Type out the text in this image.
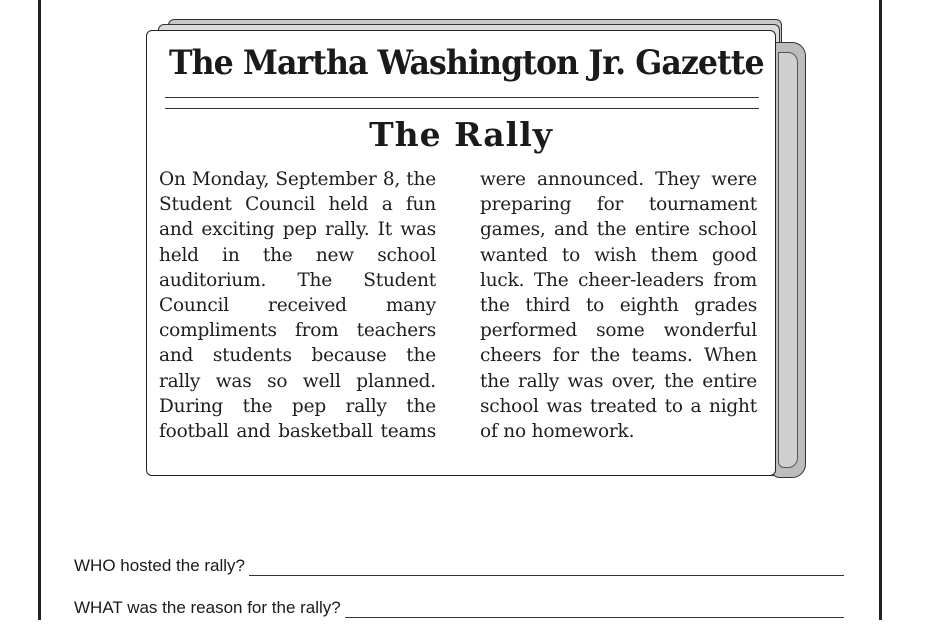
The Martha Washington Jr. Gazette
The Rally
On Monday, September 8, the Student Council held a fun and exciting pep rally. It was held in the new school auditorium. The Student Council received many compliments from teachers and students because the rally was so well planned. During the pep rally the football and basketball teams were announced. They were preparing for tournament games, and the entire school wanted to wish them good luck. The cheer-leaders from the third to eighth grades performed some wonderful cheers for the teams. When the rally was over, the entire school was treated to a night of no homework.
WHO hosted the rally?
WHAT was the reason for the rally?
